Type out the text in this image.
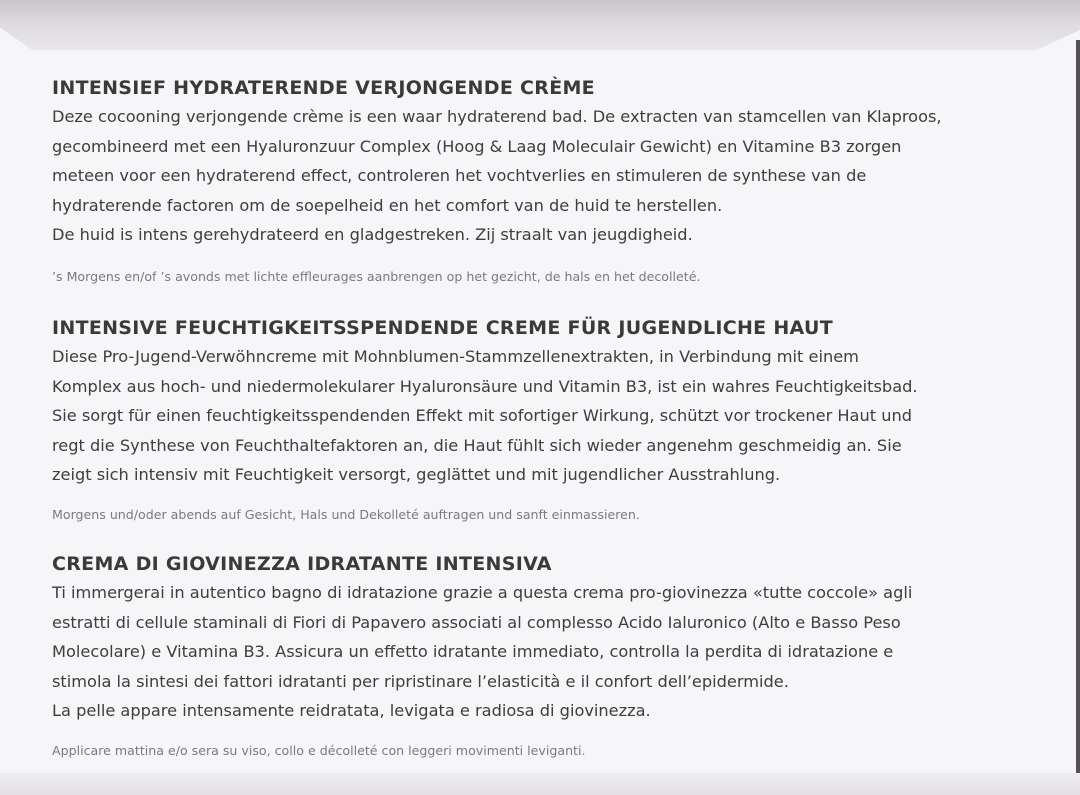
INTENSIEF HYDRATERENDE VERJONGENDE CRÈME
Deze cocooning verjongende crème is een waar hydraterend bad. De extracten van stamcellen van Klaproos,
gecombineerd met een Hyaluronzuur Complex (Hoog & Laag Moleculair Gewicht) en Vitamine B3 zorgen
meteen voor een hydraterend effect, controleren het vochtverlies en stimuleren de synthese van de
hydraterende factoren om de soepelheid en het comfort van de huid te herstellen.
De huid is intens gerehydrateerd en gladgestreken. Zij straalt van jeugdigheid.
’s Morgens en/of ’s avonds met lichte effleurages aanbrengen op het gezicht, de hals en het decolleté.
INTENSIVE FEUCHTIGKEITSSPENDENDE CREME FÜR JUGENDLICHE HAUT
Diese Pro-Jugend-Verwöhncreme mit Mohnblumen-Stammzellenextrakten, in Verbindung mit einem
Komplex aus hoch- und niedermolekularer Hyaluronsäure und Vitamin B3, ist ein wahres Feuchtigkeitsbad.
Sie sorgt für einen feuchtigkeitsspendenden Effekt mit sofortiger Wirkung, schützt vor trockener Haut und
regt die Synthese von Feuchthaltefaktoren an, die Haut fühlt sich wieder angenehm geschmeidig an. Sie
zeigt sich intensiv mit Feuchtigkeit versorgt, geglättet und mit jugendlicher Ausstrahlung.
Morgens und/oder abends auf Gesicht, Hals und Dekolleté auftragen und sanft einmassieren.
CREMA DI GIOVINEZZA IDRATANTE INTENSIVA
Ti immergerai in autentico bagno di idratazione grazie a questa crema pro-giovinezza «tutte coccole» agli
estratti di cellule staminali di Fiori di Papavero associati al complesso Acido Ialuronico (Alto e Basso Peso
Molecolare) e Vitamina B3. Assicura un effetto idratante immediato, controlla la perdita di idratazione e
stimola la sintesi dei fattori idratanti per ripristinare l’elasticità e il confort dell’epidermide.
La pelle appare intensamente reidratata, levigata e radiosa di giovinezza.
Applicare mattina e/o sera su viso, collo e décolleté con leggeri movimenti leviganti.
